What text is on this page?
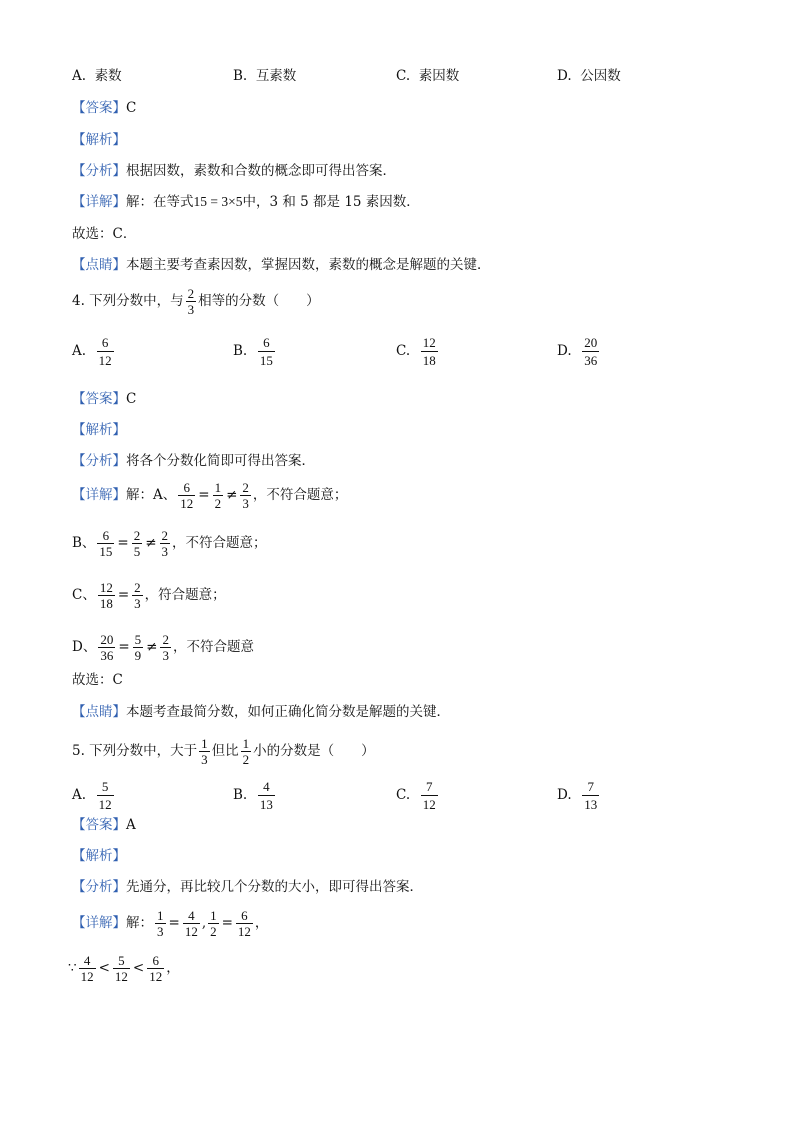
A. 素数	B. 互素数	C. 素因数	D. 公因数
【答案】C
【解析】
【分析】根据因数，素数和合数的概念即可得出答案．
【详解】解：在等式15 = 3×5中，3 和 5 都是 15 素因数．
故选：C．
【点睛】本题主要考查素因数，掌握因数，素数的概念是解题的关键．
4. 下列分数中，与 $\frac{2}{3}$ 相等的分数（　　）
A. $\frac{6}{12}$	B. $\frac{6}{15}$	C. $\frac{12}{18}$	D. $\frac{20}{36}$
【答案】C
【解析】
【分析】将各个分数化简即可得出答案．
【详解】解：A、 $\frac{6}{12} = \frac{1}{2} \ne \frac{2}{3}$ ，不符合题意；
B、 $\frac{6}{15} = \frac{2}{5} \ne \frac{2}{3}$ ，不符合题意；
C、 $\frac{12}{18} = \frac{2}{3}$ ，符合题意；
D、 $\frac{20}{36} = \frac{5}{9} \ne \frac{2}{3}$ ，不符合题意
故选：C
【点睛】本题考查最简分数，如何正确化简分数是解题的关键．
5. 下列分数中，大于 $\frac{1}{3}$ 但比 $\frac{1}{2}$ 小的分数是（　　）
A. $\frac{5}{12}$	B. $\frac{4}{13}$	C. $\frac{7}{12}$	D. $\frac{7}{13}$
【答案】A
【解析】
【分析】先通分，再比较几个分数的大小，即可得出答案．
【详解】解： $\frac{1}{3} = \frac{4}{12}$ , $\frac{1}{2} = \frac{6}{12}$ ，
∵ $\frac{4}{12} < \frac{5}{12} < \frac{6}{12}$ ，
